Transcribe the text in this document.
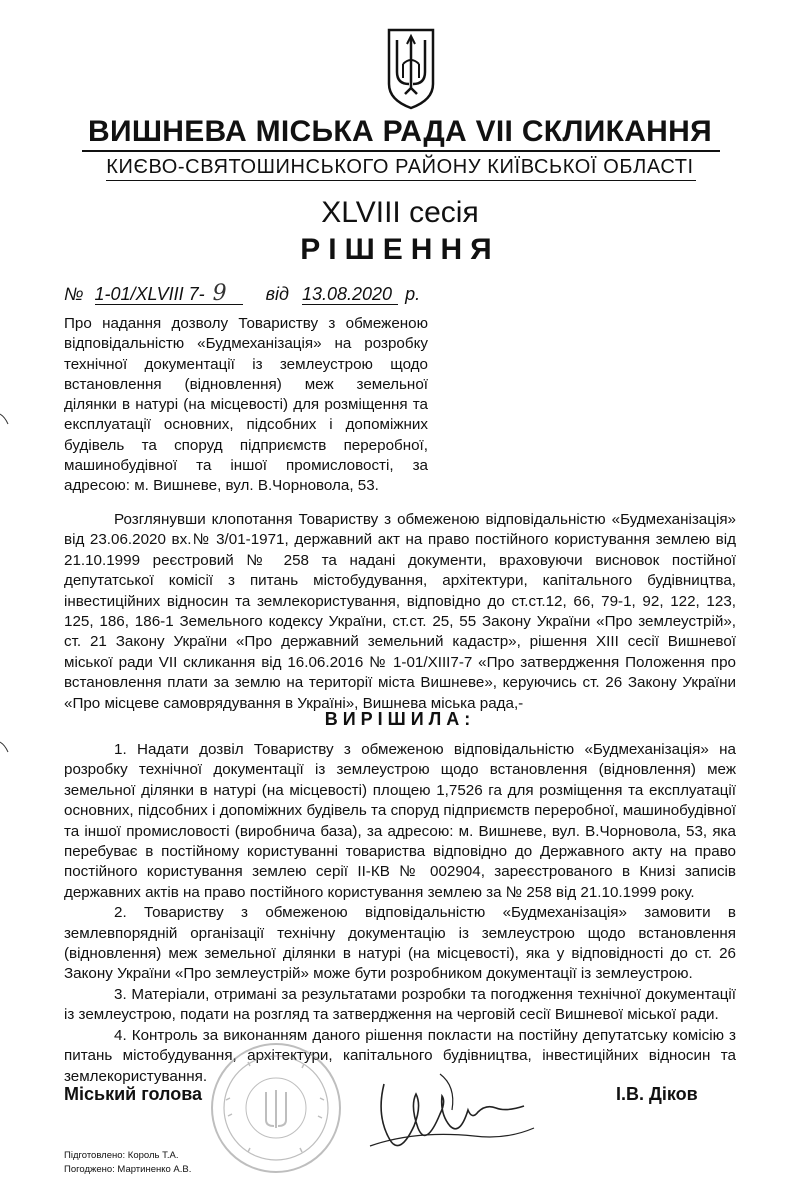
ВИШНЕВА МІСЬКА РАДА VII СКЛИКАННЯ
КИЄВО-СВЯТОШИНСЬКОГО РАЙОНУ КИЇВСЬКОЇ ОБЛАСТІ
XLVIII сесія
РІШЕННЯ
№ 1-01/XLVIII 7- 9 від 13.08.2020 р.
Про надання дозволу Товариству з обмеженою відповідальністю «Будмеханізація» на розробку технічної документації із землеустрою щодо встановлення (відновлення) меж земельної ділянки в натурі (на місцевості) для розміщення та експлуатації основних, підсобних і допоміжних будівель та споруд підприємств переробної, машинобудівної та іншої промисловості, за адресою: м. Вишневе, вул. В.Чорновола, 53.
Розглянувши клопотання Товариству з обмеженою відповідальністю «Будмеханізація» від 23.06.2020 вх.№ 3/01-1971, державний акт на право постійного користування землею від 21.10.1999 реєстровий № 258 та надані документи, враховуючи висновок постійної депутатської комісії з питань містобудування, архітектури, капітального будівництва, інвестиційних відносин та землекористування, відповідно до ст.ст.12, 66, 79-1, 92, 122, 123, 125, 186, 186-1 Земельного кодексу України, ст.ст. 25, 55 Закону України «Про землеустрій», ст. 21 Закону України «Про державний земельний кадастр», рішення XIII сесії Вишневої міської ради VII скликання від 16.06.2016 № 1-01/XIII7-7 «Про затвердження Положення про встановлення плати за землю на території міста Вишневе», керуючись ст. 26 Закону України «Про місцеве самоврядування в Україні», Вишнева міська рада,-
ВИРІШИЛА:

1. Надати дозвіл Товариству з обмеженою відповідальністю «Будмеханізація» на розробку технічної документації із землеустрою щодо встановлення (відновлення) меж земельної ділянки в натурі (на місцевості) площею 1,7526 га для розміщення та експлуатації основних, підсобних і допоміжних будівель та споруд підприємств переробної, машинобудівної та іншої промисловості (виробнича база), за адресою: м. Вишневе, вул. В.Чорновола, 53, яка перебуває в постійному користуванні товариства відповідно до Державного акту на право постійного користування землею серії ІІ-КВ № 002904, зареєстрованого в Книзі записів державних актів на право постійного користування землею за № 258 від 21.10.1999 року.

2. Товариству з обмеженою відповідальністю «Будмеханізація» замовити в землевпорядній організації технічну документацію із землеустрою щодо встановлення (відновлення) меж земельної ділянки в натурі (на місцевості), яка у відповідності до ст. 26 Закону України «Про землеустрій» може бути розробником документації із землеустрою.

3. Матеріали, отримані за результатами розробки та погодження технічної документації із землеустрою, подати на розгляд та затвердження на черговій сесії Вишневої міської ради.

4. Контроль за виконанням даного рішення покласти на постійну депутатську комісію з питань містобудування, архітектури, капітального будівництва, інвестиційних відносин та землекористування.

Міський голова	І.В. Діков
Підготовлено: Король Т.А.
Погоджено: Мартиненко А.В.
